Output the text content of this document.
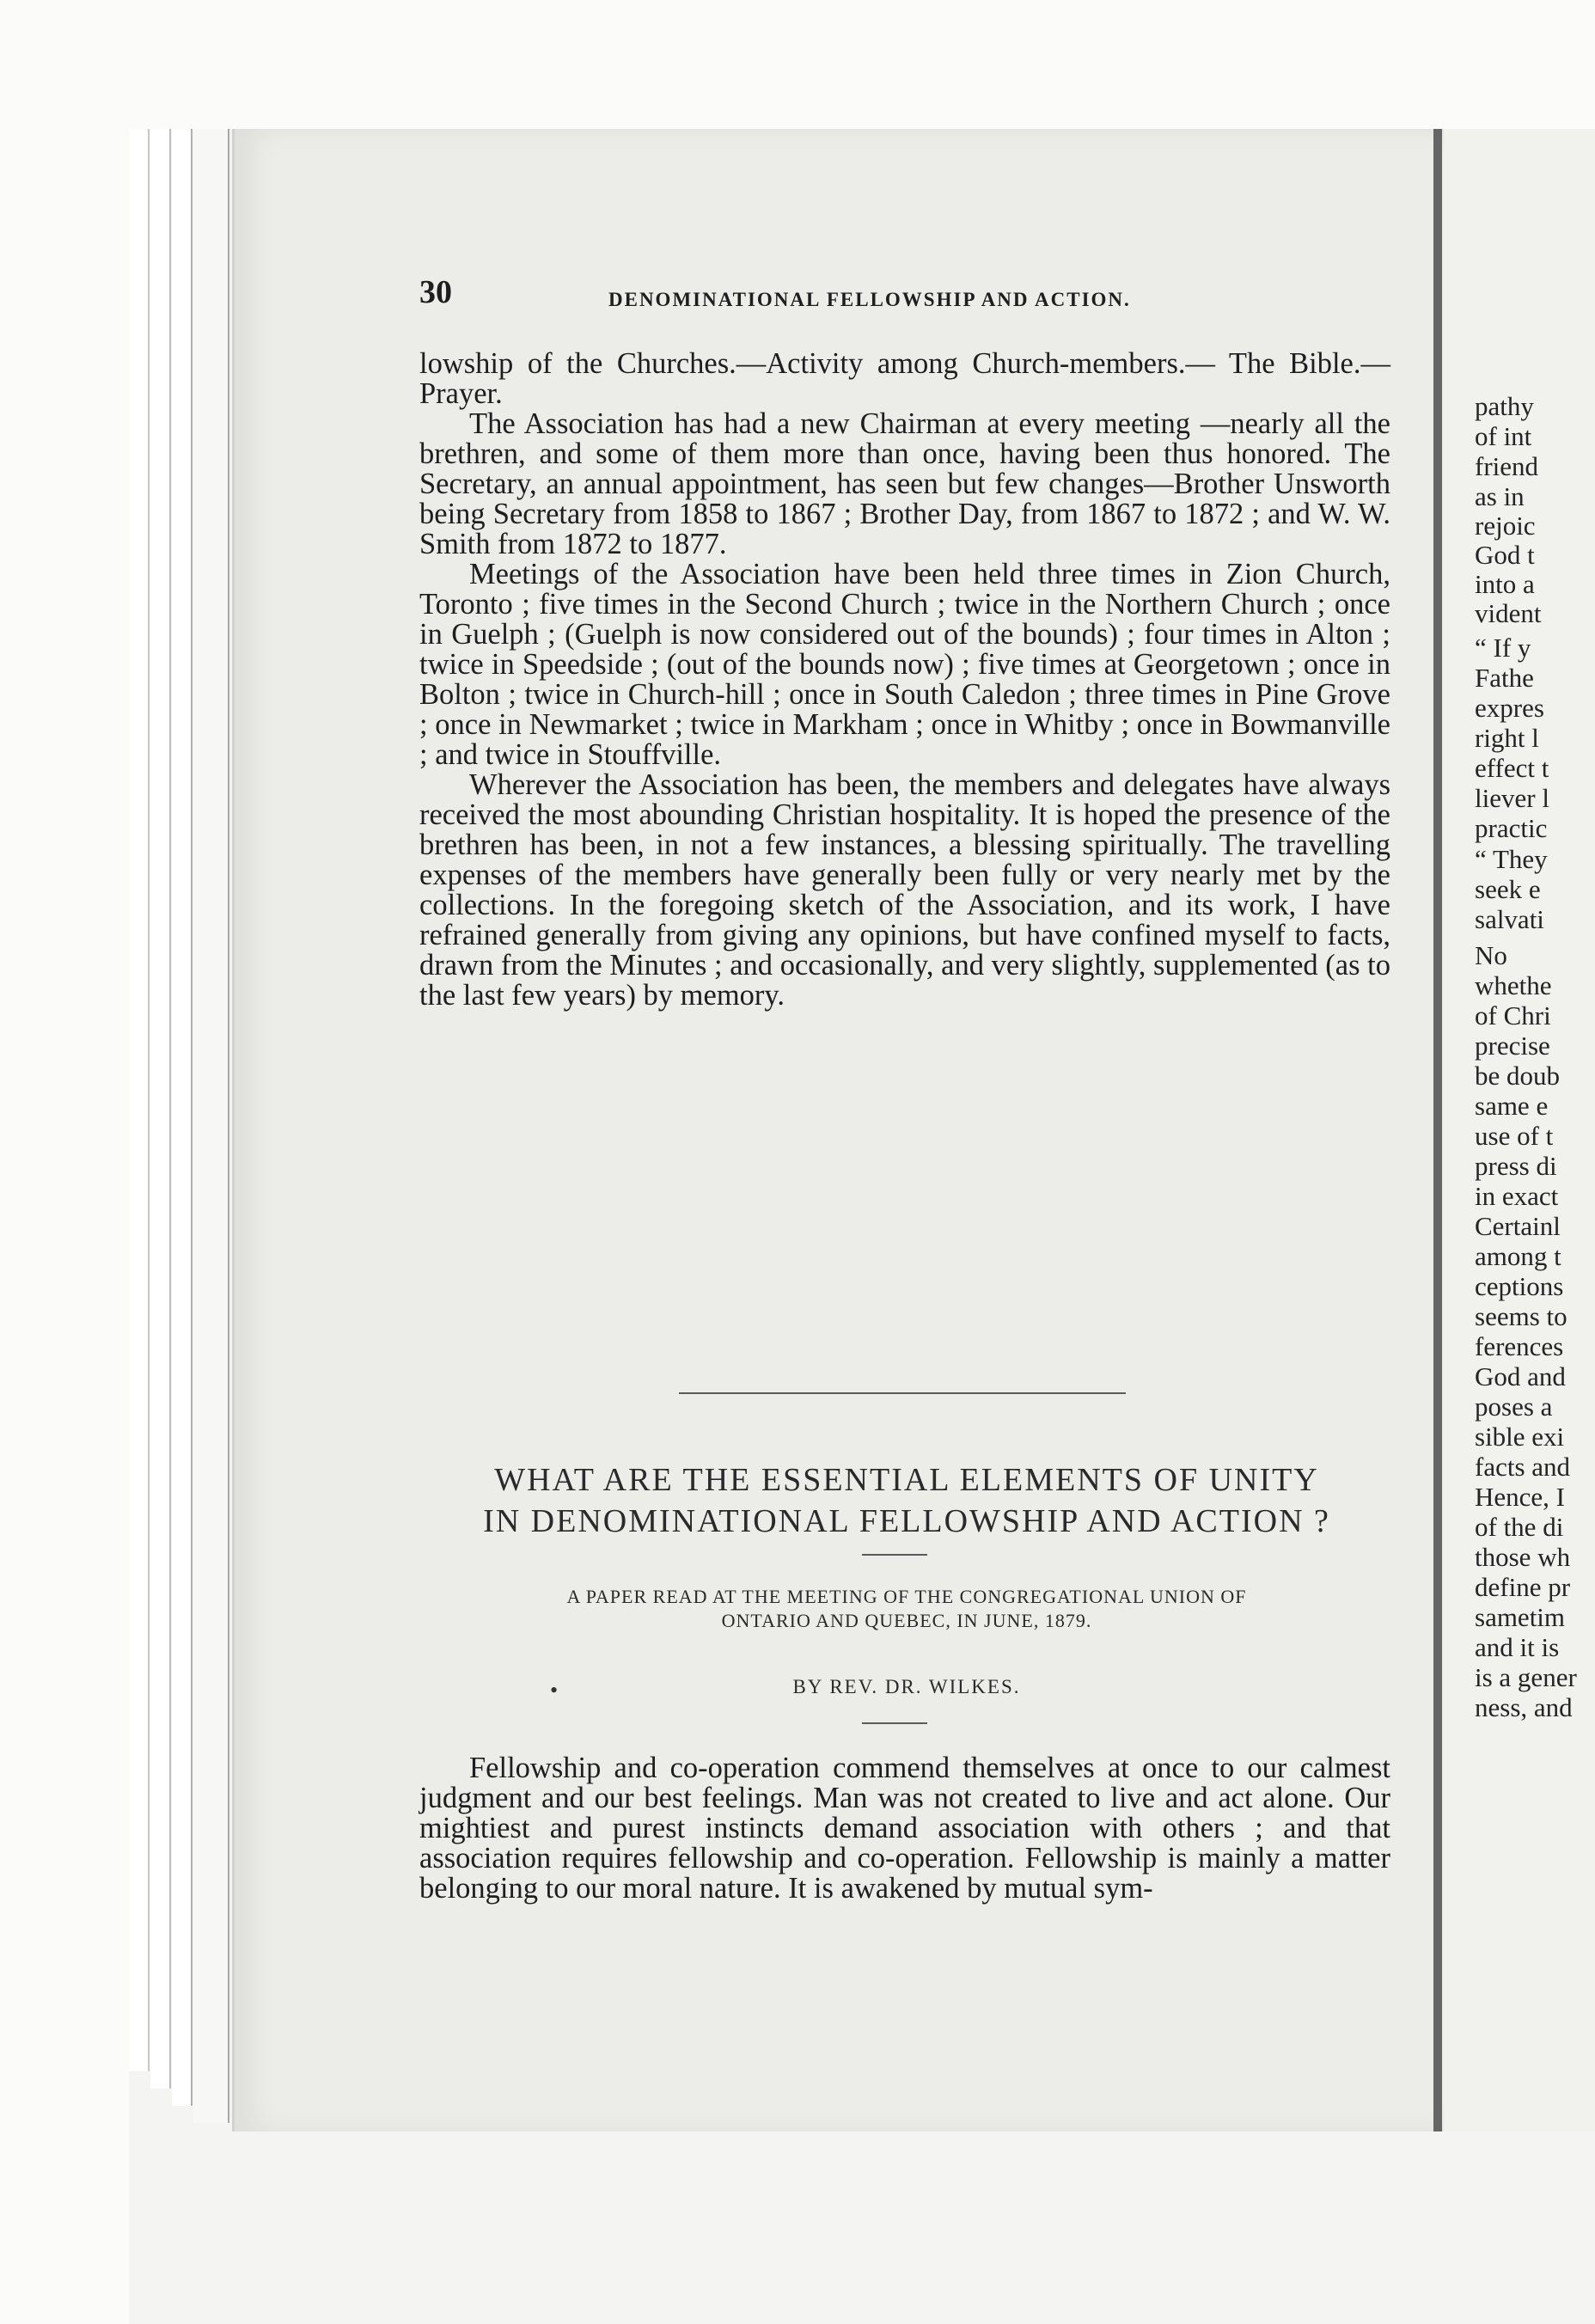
pathy
of int
friend
as in
rejoic
God t
into a
vident
“ If y
Fathe
expres
right l
effect t
liever l
practic
“ They
seek e
salvati
No
whethe
of Chri
precise
be doub
same e
use of t
press di
in exact
Certainl
among t
ceptions
seems to
ferences
God and
poses a
sible exi
facts and
Hence, I
of the di
those wh
define pr
sametim
and it is
is a gener
ness, and
30	DENOMINATIONAL FELLOWSHIP AND ACTION.

lowship of the Churches.—Activity among Church-members.— The Bible.—Prayer.

The Association has had a new Chairman at every meeting —nearly all the brethren, and some of them more than once, having been thus honored. The Secretary, an annual appointment, has seen but few changes—Brother Unsworth being Secretary from 1858 to 1867 ; Brother Day, from 1867 to 1872 ; and W. W. Smith from 1872 to 1877.

Meetings of the Association have been held three times in Zion Church, Toronto ; five times in the Second Church ; twice in the Northern Church ; once in Guelph ; (Guelph is now considered out of the bounds) ; four times in Alton ; twice in Speedside ; (out of the bounds now) ; five times at Georgetown ; once in Bolton ; twice in Church-hill ; once in South Caledon ; three times in Pine Grove ; once in Newmarket ; twice in Markham ; once in Whitby ; once in Bowmanville ; and twice in Stouffville.

Wherever the Association has been, the members and delegates have always received the most abounding Christian hospitality. It is hoped the presence of the brethren has been, in not a few instances, a blessing spiritually. The travelling expenses of the members have generally been fully or very nearly met by the collections. In the foregoing sketch of the Association, and its work, I have refrained generally from giving any opinions, but have confined myself to facts, drawn from the Minutes ; and occasionally, and very slightly, supplemented (as to the last few years) by memory.

WHAT ARE THE ESSENTIAL ELEMENTS OF UNITY
IN DENOMINATIONAL FELLOWSHIP AND ACTION ?
A PAPER READ AT THE MEETING OF THE CONGREGATIONAL UNION OF
ONTARIO AND QUEBEC, IN JUNE, 1879.
•	BY REV. DR. WILKES.

Fellowship and co-operation commend themselves at once to our calmest judgment and our best feelings. Man was not created to live and act alone. Our mightiest and purest instincts demand association with others ; and that association requires fellowship and co-operation. Fellowship is mainly a matter belonging to our moral nature. It is awakened by mutual sym-
